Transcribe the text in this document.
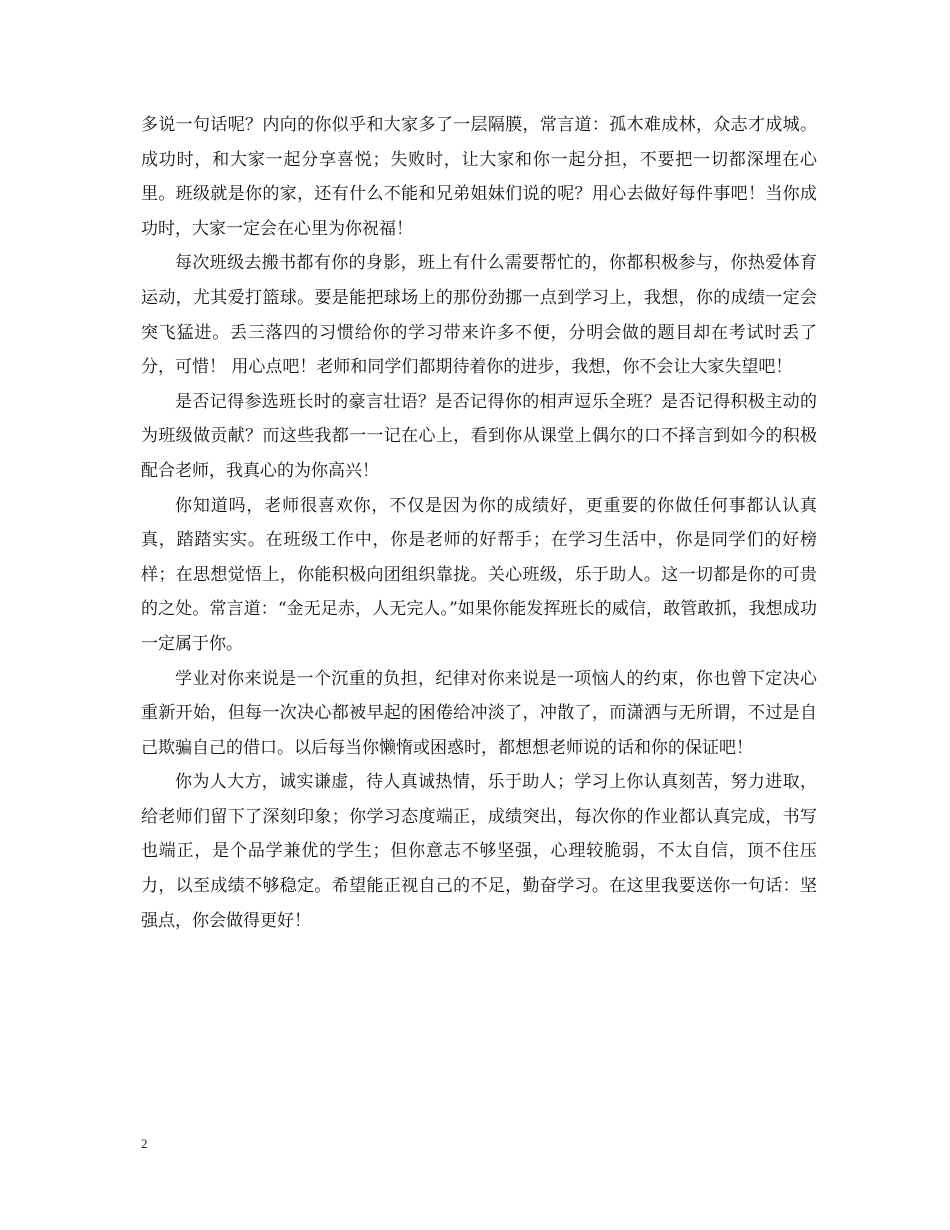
多说一句话呢？内向的你似乎和大家多了一层隔膜，常言道：孤木难成林，众志才成城。成功时，和大家一起分享喜悦；失败时，让大家和你一起分担，不要把一切都深埋在心里。班级就是你的家，还有什么不能和兄弟姐妹们说的呢？用心去做好每件事吧！当你成功时，大家一定会在心里为你祝福！

每次班级去搬书都有你的身影，班上有什么需要帮忙的，你都积极参与，你热爱体育运动，尤其爱打篮球。要是能把球场上的那份劲挪一点到学习上，我想，你的成绩一定会突飞猛进。丢三落四的习惯给你的学习带来许多不便，分明会做的题目却在考试时丢了分，可惜！ 用心点吧！老师和同学们都期待着你的进步，我想，你不会让大家失望吧！

是否记得参选班长时的豪言壮语？是否记得你的相声逗乐全班？是否记得积极主动的为班级做贡献？而这些我都一一记在心上，看到你从课堂上偶尔的口不择言到如今的积极配合老师，我真心的为你高兴！

你知道吗，老师很喜欢你，不仅是因为你的成绩好，更重要的你做任何事都认认真真，踏踏实实。在班级工作中，你是老师的好帮手；在学习生活中，你是同学们的好榜样；在思想觉悟上，你能积极向团组织靠拢。关心班级，乐于助人。这一切都是你的可贵的之处。常言道：“金无足赤，人无完人。”如果你能发挥班长的威信，敢管敢抓，我想成功一定属于你。

学业对你来说是一个沉重的负担，纪律对你来说是一项恼人的约束，你也曾下定决心重新开始，但每一次决心都被早起的困倦给冲淡了，冲散了，而潇洒与无所谓，不过是自己欺骗自己的借口。以后每当你懒惰或困惑时，都想想老师说的话和你的保证吧！

你为人大方，诚实谦虚，待人真诚热情，乐于助人；学习上你认真刻苦，努力进取，给老师们留下了深刻印象；你学习态度端正，成绩突出，每次你的作业都认真完成，书写也端正，是个品学兼优的学生；但你意志不够坚强，心理较脆弱，不太自信，顶不住压力，以至成绩不够稳定。希望能正视自己的不足，勤奋学习。在这里我要送你一句话：坚强点，你会做得更好！

2
